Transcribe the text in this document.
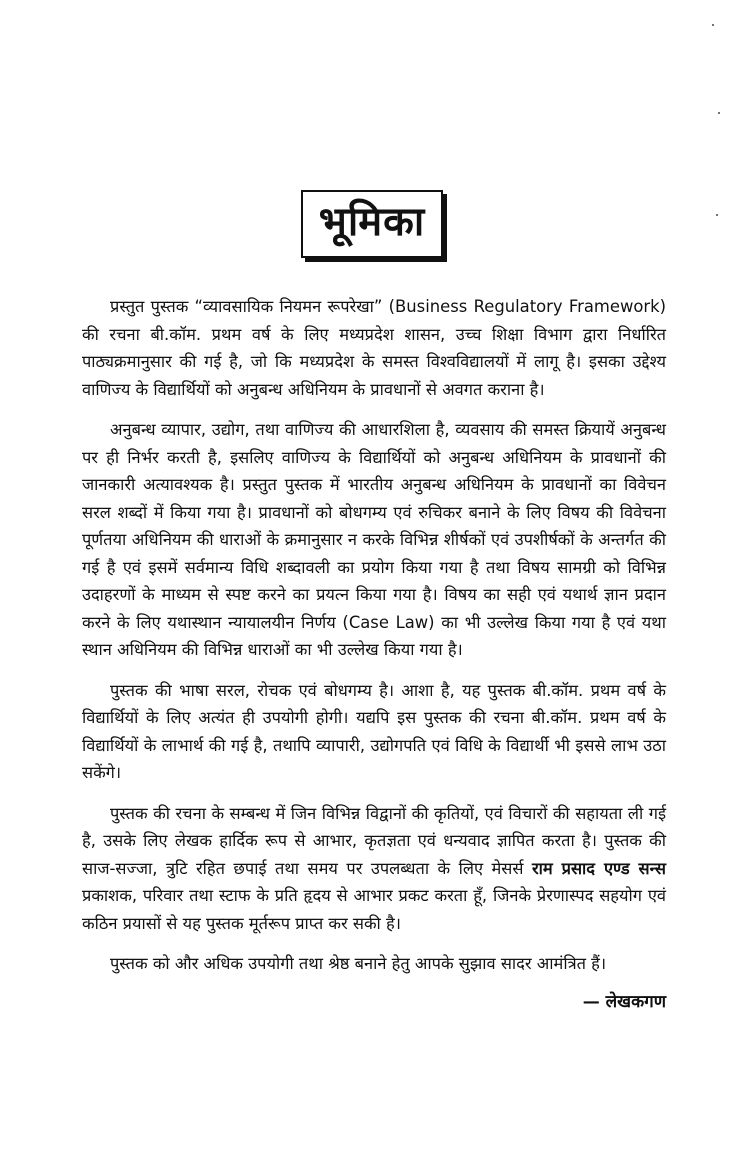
भूमिका

प्रस्तुत पुस्तक “व्यावसायिक नियमन रूपरेखा” (Business Regulatory Framework) की रचना बी.कॉम. प्रथम वर्ष के लिए मध्यप्रदेश शासन, उच्च शिक्षा विभाग द्वारा निर्धारित पाठ्यक्रमानुसार की गई है, जो कि मध्यप्रदेश के समस्त विश्वविद्यालयों में लागू है। इसका उद्देश्य वाणिज्य के विद्यार्थियों को अनुबन्ध अधिनियम के प्रावधानों से अवगत कराना है।

अनुबन्ध व्यापार, उद्योग, तथा वाणिज्य की आधारशिला है, व्यवसाय की समस्त क्रियायें अनुबन्ध पर ही निर्भर करती है, इसलिए वाणिज्य के विद्यार्थियों को अनुबन्ध अधिनियम के प्रावधानों की जानकारी अत्यावश्यक है। प्रस्तुत पुस्तक में भारतीय अनुबन्ध अधिनियम के प्रावधानों का विवेचन सरल शब्दों में किया गया है। प्रावधानों को बोधगम्य एवं रुचिकर बनाने के लिए विषय की विवेचना पूर्णतया अधिनियम की धाराओं के क्रमानुसार न करके विभिन्न शीर्षकों एवं उपशीर्षकों के अन्तर्गत की गई है एवं इसमें सर्वमान्य विधि शब्दावली का प्रयोग किया गया है तथा विषय सामग्री को विभिन्न उदाहरणों के माध्यम से स्पष्ट करने का प्रयत्न किया गया है। विषय का सही एवं यथार्थ ज्ञान प्रदान करने के लिए यथास्थान न्यायालयीन निर्णय (Case Law) का भी उल्लेख किया गया है एवं यथा स्थान अधिनियम की विभिन्न धाराओं का भी उल्लेख किया गया है।

पुस्तक की भाषा सरल, रोचक एवं बोधगम्य है। आशा है, यह पुस्तक बी.कॉम. प्रथम वर्ष के विद्यार्थियों के लिए अत्यंत ही उपयोगी होगी। यद्यपि इस पुस्तक की रचना बी.कॉम. प्रथम वर्ष के विद्यार्थियों के लाभार्थ की गई है, तथापि व्यापारी, उद्योगपति एवं विधि के विद्यार्थी भी इससे लाभ उठा सकेंगे।

पुस्तक की रचना के सम्बन्ध में जिन विभिन्न विद्वानों की कृतियों, एवं विचारों की सहायता ली गई है, उसके लिए लेखक हार्दिक रूप से आभार, कृतज्ञता एवं धन्यवाद ज्ञापित करता है। पुस्तक की साज-सज्जा, त्रुटि रहित छपाई तथा समय पर उपलब्धता के लिए मेसर्स राम प्रसाद एण्ड सन्स प्रकाशक, परिवार तथा स्टाफ के प्रति हृदय से आभार प्रकट करता हूँ, जिनके प्रेरणास्पद सहयोग एवं कठिन प्रयासों से यह पुस्तक मूर्तरूप प्राप्त कर सकी है।

पुस्तक को और अधिक उपयोगी तथा श्रेष्ठ बनाने हेतु आपके सुझाव सादर आमंत्रित हैं।

— लेखकगण
